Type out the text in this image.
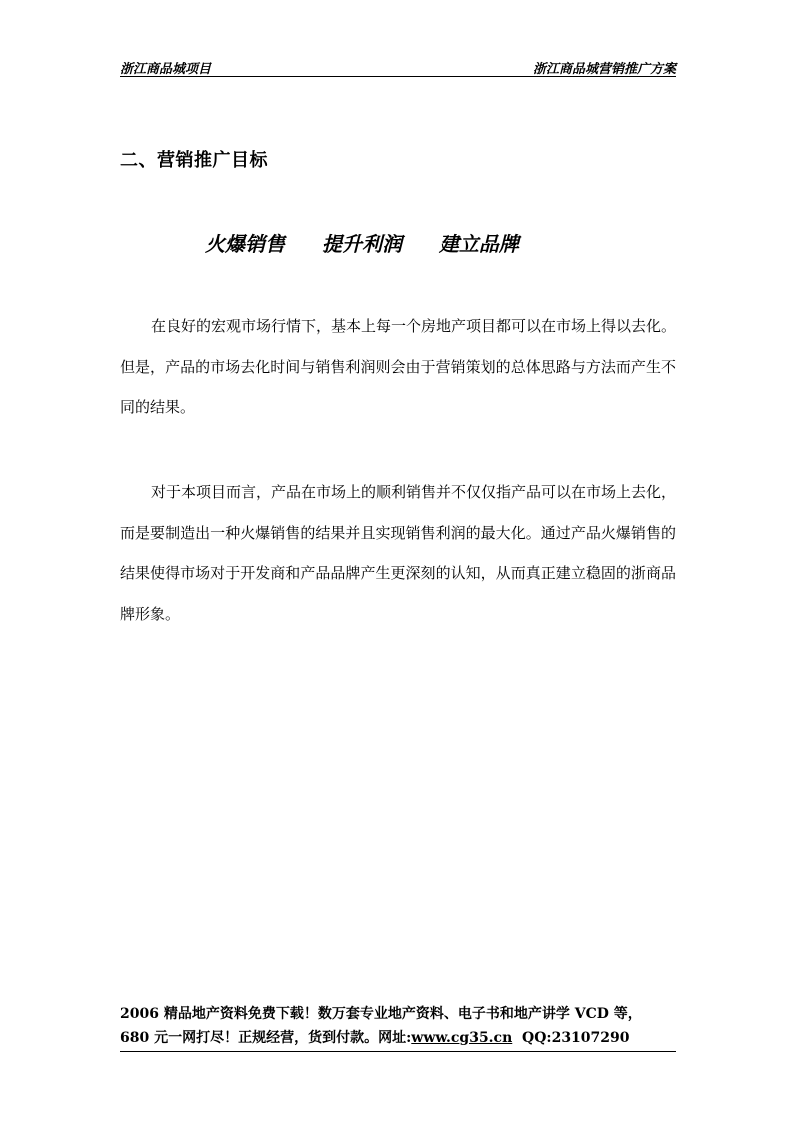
浙江商品城项目	浙江商品城营销推广方案
二、营销推广目标
火爆销售 提升利润 建立品牌
在良好的宏观市场行情下，基本上每一个房地产项目都可以在市场上得以去化。但是，产品的市场去化时间与销售利润则会由于营销策划的总体思路与方法而产生不同的结果。
对于本项目而言，产品在市场上的顺利销售并不仅仅指产品可以在市场上去化，而是要制造出一种火爆销售的结果并且实现销售利润的最大化。通过产品火爆销售的结果使得市场对于开发商和产品品牌产生更深刻的认知，从而真正建立稳固的浙商品牌形象。
2006 精品地产资料免费下载！数万套专业地产资料、电子书和地产讲学 VCD 等，
680 元一网打尽！正规经营，货到付款。网址:www.cg35.cn QQ:23107290
